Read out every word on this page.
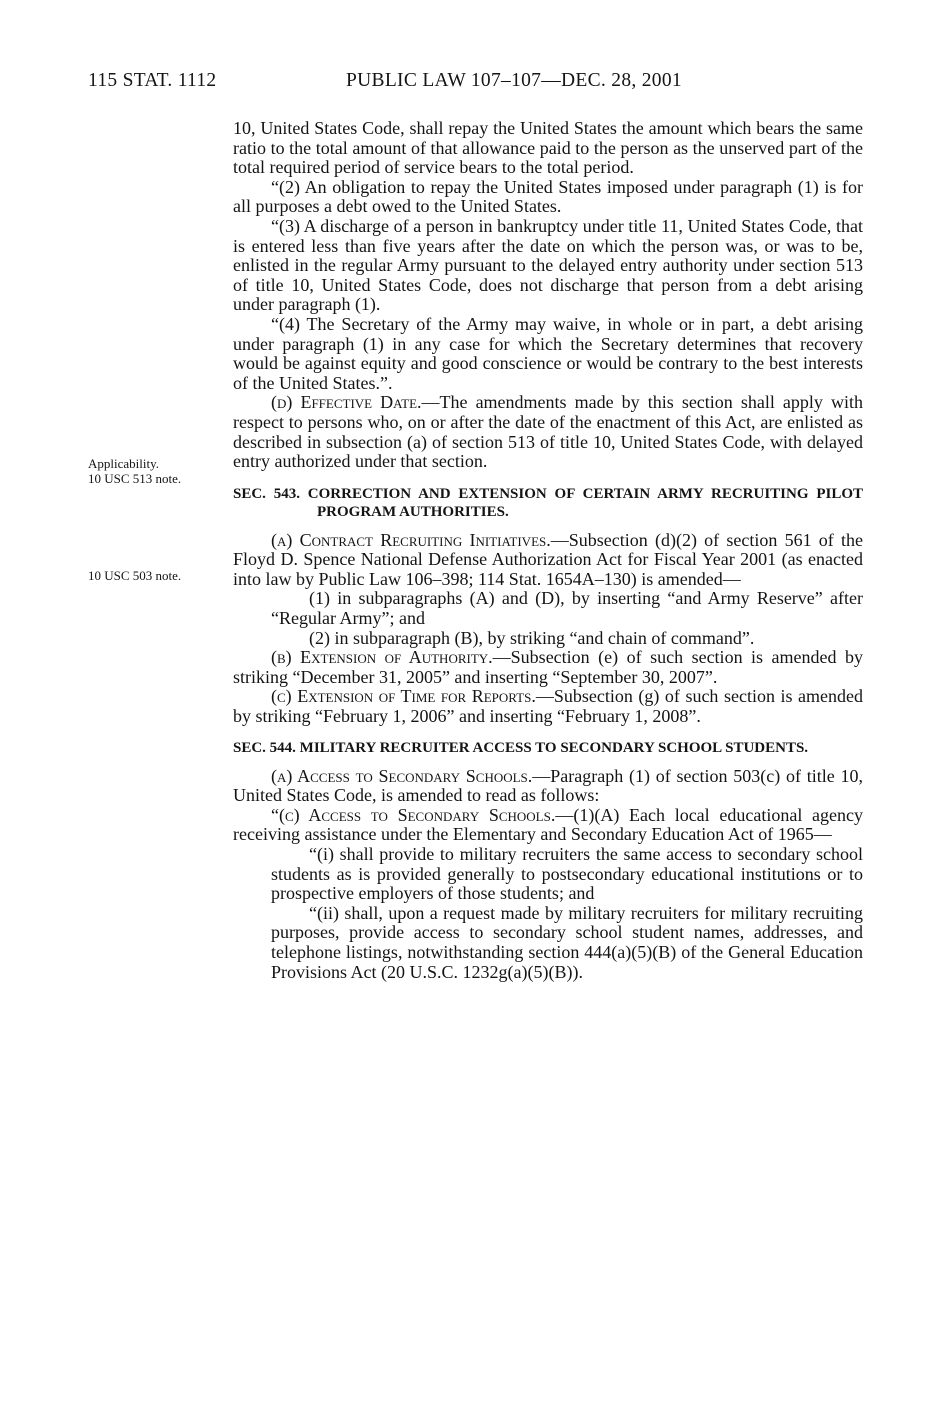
115 STAT. 1112	PUBLIC LAW 107–107—DEC. 28, 2001
Applicability.
10 USC 513 note.
10 USC 503 note.

10, United States Code, shall repay the United States the amount which bears the same ratio to the total amount of that allowance paid to the person as the unserved part of the total required period of service bears to the total period.

“(2) An obligation to repay the United States imposed under paragraph (1) is for all purposes a debt owed to the United States.

“(3) A discharge of a person in bankruptcy under title 11, United States Code, that is entered less than five years after the date on which the person was, or was to be, enlisted in the regular Army pursuant to the delayed entry authority under section 513 of title 10, United States Code, does not discharge that person from a debt arising under paragraph (1).

“(4) The Secretary of the Army may waive, in whole or in part, a debt arising under paragraph (1) in any case for which the Secretary determines that recovery would be against equity and good conscience or would be contrary to the best interests of the United States.”.

(d) Effective Date.—The amendments made by this section shall apply with respect to persons who, on or after the date of the enactment of this Act, are enlisted as described in subsection (a) of section 513 of title 10, United States Code, with delayed entry authorized under that section.

SEC. 543. CORRECTION AND EXTENSION OF CERTAIN ARMY RECRUITING PILOT PROGRAM AUTHORITIES.

(a) Contract Recruiting Initiatives.—Subsection (d)(2) of section 561 of the Floyd D. Spence National Defense Authorization Act for Fiscal Year 2001 (as enacted into law by Public Law 106–398; 114 Stat. 1654A–130) is amended—

(1) in subparagraphs (A) and (D), by inserting “and Army Reserve” after “Regular Army”; and

(2) in subparagraph (B), by striking “and chain of command”.

(b) Extension of Authority.—Subsection (e) of such section is amended by striking “December 31, 2005” and inserting “September 30, 2007”.

(c) Extension of Time for Reports.—Subsection (g) of such section is amended by striking “February 1, 2006” and inserting “February 1, 2008”.

SEC. 544. MILITARY RECRUITER ACCESS TO SECONDARY SCHOOL STUDENTS.

(a) Access to Secondary Schools.—Paragraph (1) of section 503(c) of title 10, United States Code, is amended to read as follows:

“(c) Access to Secondary Schools.—(1)(A) Each local educational agency receiving assistance under the Elementary and Secondary Education Act of 1965—

“(i) shall provide to military recruiters the same access to secondary school students as is provided generally to postsecondary educational institutions or to prospective employers of those students; and

“(ii) shall, upon a request made by military recruiters for military recruiting purposes, provide access to secondary school student names, addresses, and telephone listings, notwithstanding section 444(a)(5)(B) of the General Education Provisions Act (20 U.S.C. 1232g(a)(5)(B)).
